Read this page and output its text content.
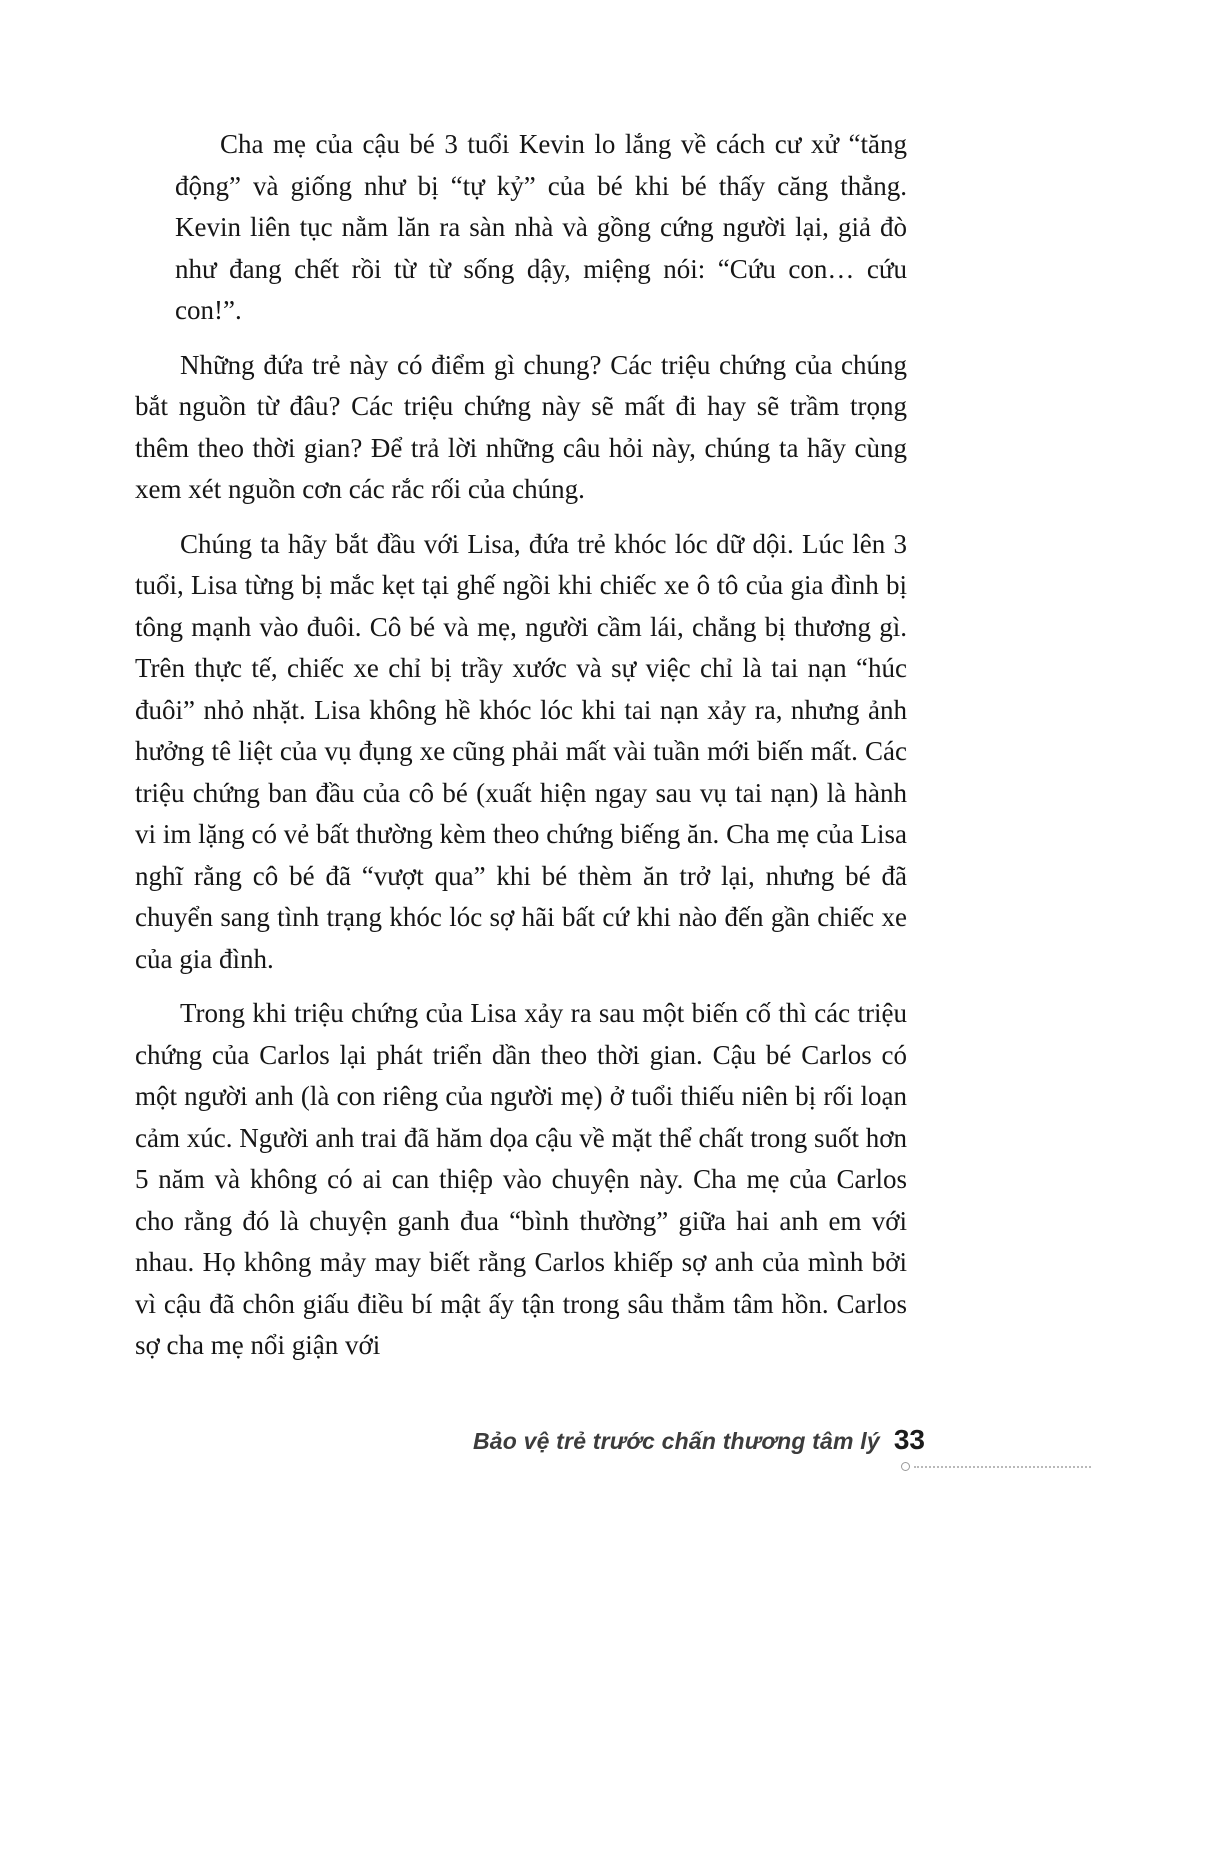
Cha mẹ của cậu bé 3 tuổi Kevin lo lắng về cách cư xử “tăng động” và giống như bị “tự kỷ” của bé khi bé thấy căng thẳng. Kevin liên tục nằm lăn ra sàn nhà và gồng cứng người lại, giả đò như đang chết rồi từ từ sống dậy, miệng nói: “Cứu con… cứu con!”.

Những đứa trẻ này có điểm gì chung? Các triệu chứng của chúng bắt nguồn từ đâu? Các triệu chứng này sẽ mất đi hay sẽ trầm trọng thêm theo thời gian? Để trả lời những câu hỏi này, chúng ta hãy cùng xem xét nguồn cơn các rắc rối của chúng.

Chúng ta hãy bắt đầu với Lisa, đứa trẻ khóc lóc dữ dội. Lúc lên 3 tuổi, Lisa từng bị mắc kẹt tại ghế ngồi khi chiếc xe ô tô của gia đình bị tông mạnh vào đuôi. Cô bé và mẹ, người cầm lái, chẳng bị thương gì. Trên thực tế, chiếc xe chỉ bị trầy xước và sự việc chỉ là tai nạn “húc đuôi” nhỏ nhặt. Lisa không hề khóc lóc khi tai nạn xảy ra, nhưng ảnh hưởng tê liệt của vụ đụng xe cũng phải mất vài tuần mới biến mất. Các triệu chứng ban đầu của cô bé (xuất hiện ngay sau vụ tai nạn) là hành vi im lặng có vẻ bất thường kèm theo chứng biếng ăn. Cha mẹ của Lisa nghĩ rằng cô bé đã “vượt qua” khi bé thèm ăn trở lại, nhưng bé đã chuyển sang tình trạng khóc lóc sợ hãi bất cứ khi nào đến gần chiếc xe của gia đình.

Trong khi triệu chứng của Lisa xảy ra sau một biến cố thì các triệu chứng của Carlos lại phát triển dần theo thời gian. Cậu bé Carlos có một người anh (là con riêng của người mẹ) ở tuổi thiếu niên bị rối loạn cảm xúc. Người anh trai đã hăm dọa cậu về mặt thể chất trong suốt hơn 5 năm và không có ai can thiệp vào chuyện này. Cha mẹ của Carlos cho rằng đó là chuyện ganh đua “bình thường” giữa hai anh em với nhau. Họ không mảy may biết rằng Carlos khiếp sợ anh của mình bởi vì cậu đã chôn giấu điều bí mật ấy tận trong sâu thẳm tâm hồn. Carlos sợ cha mẹ nổi giận với

Bảo vệ trẻ trước chấn thương tâm lý 33
